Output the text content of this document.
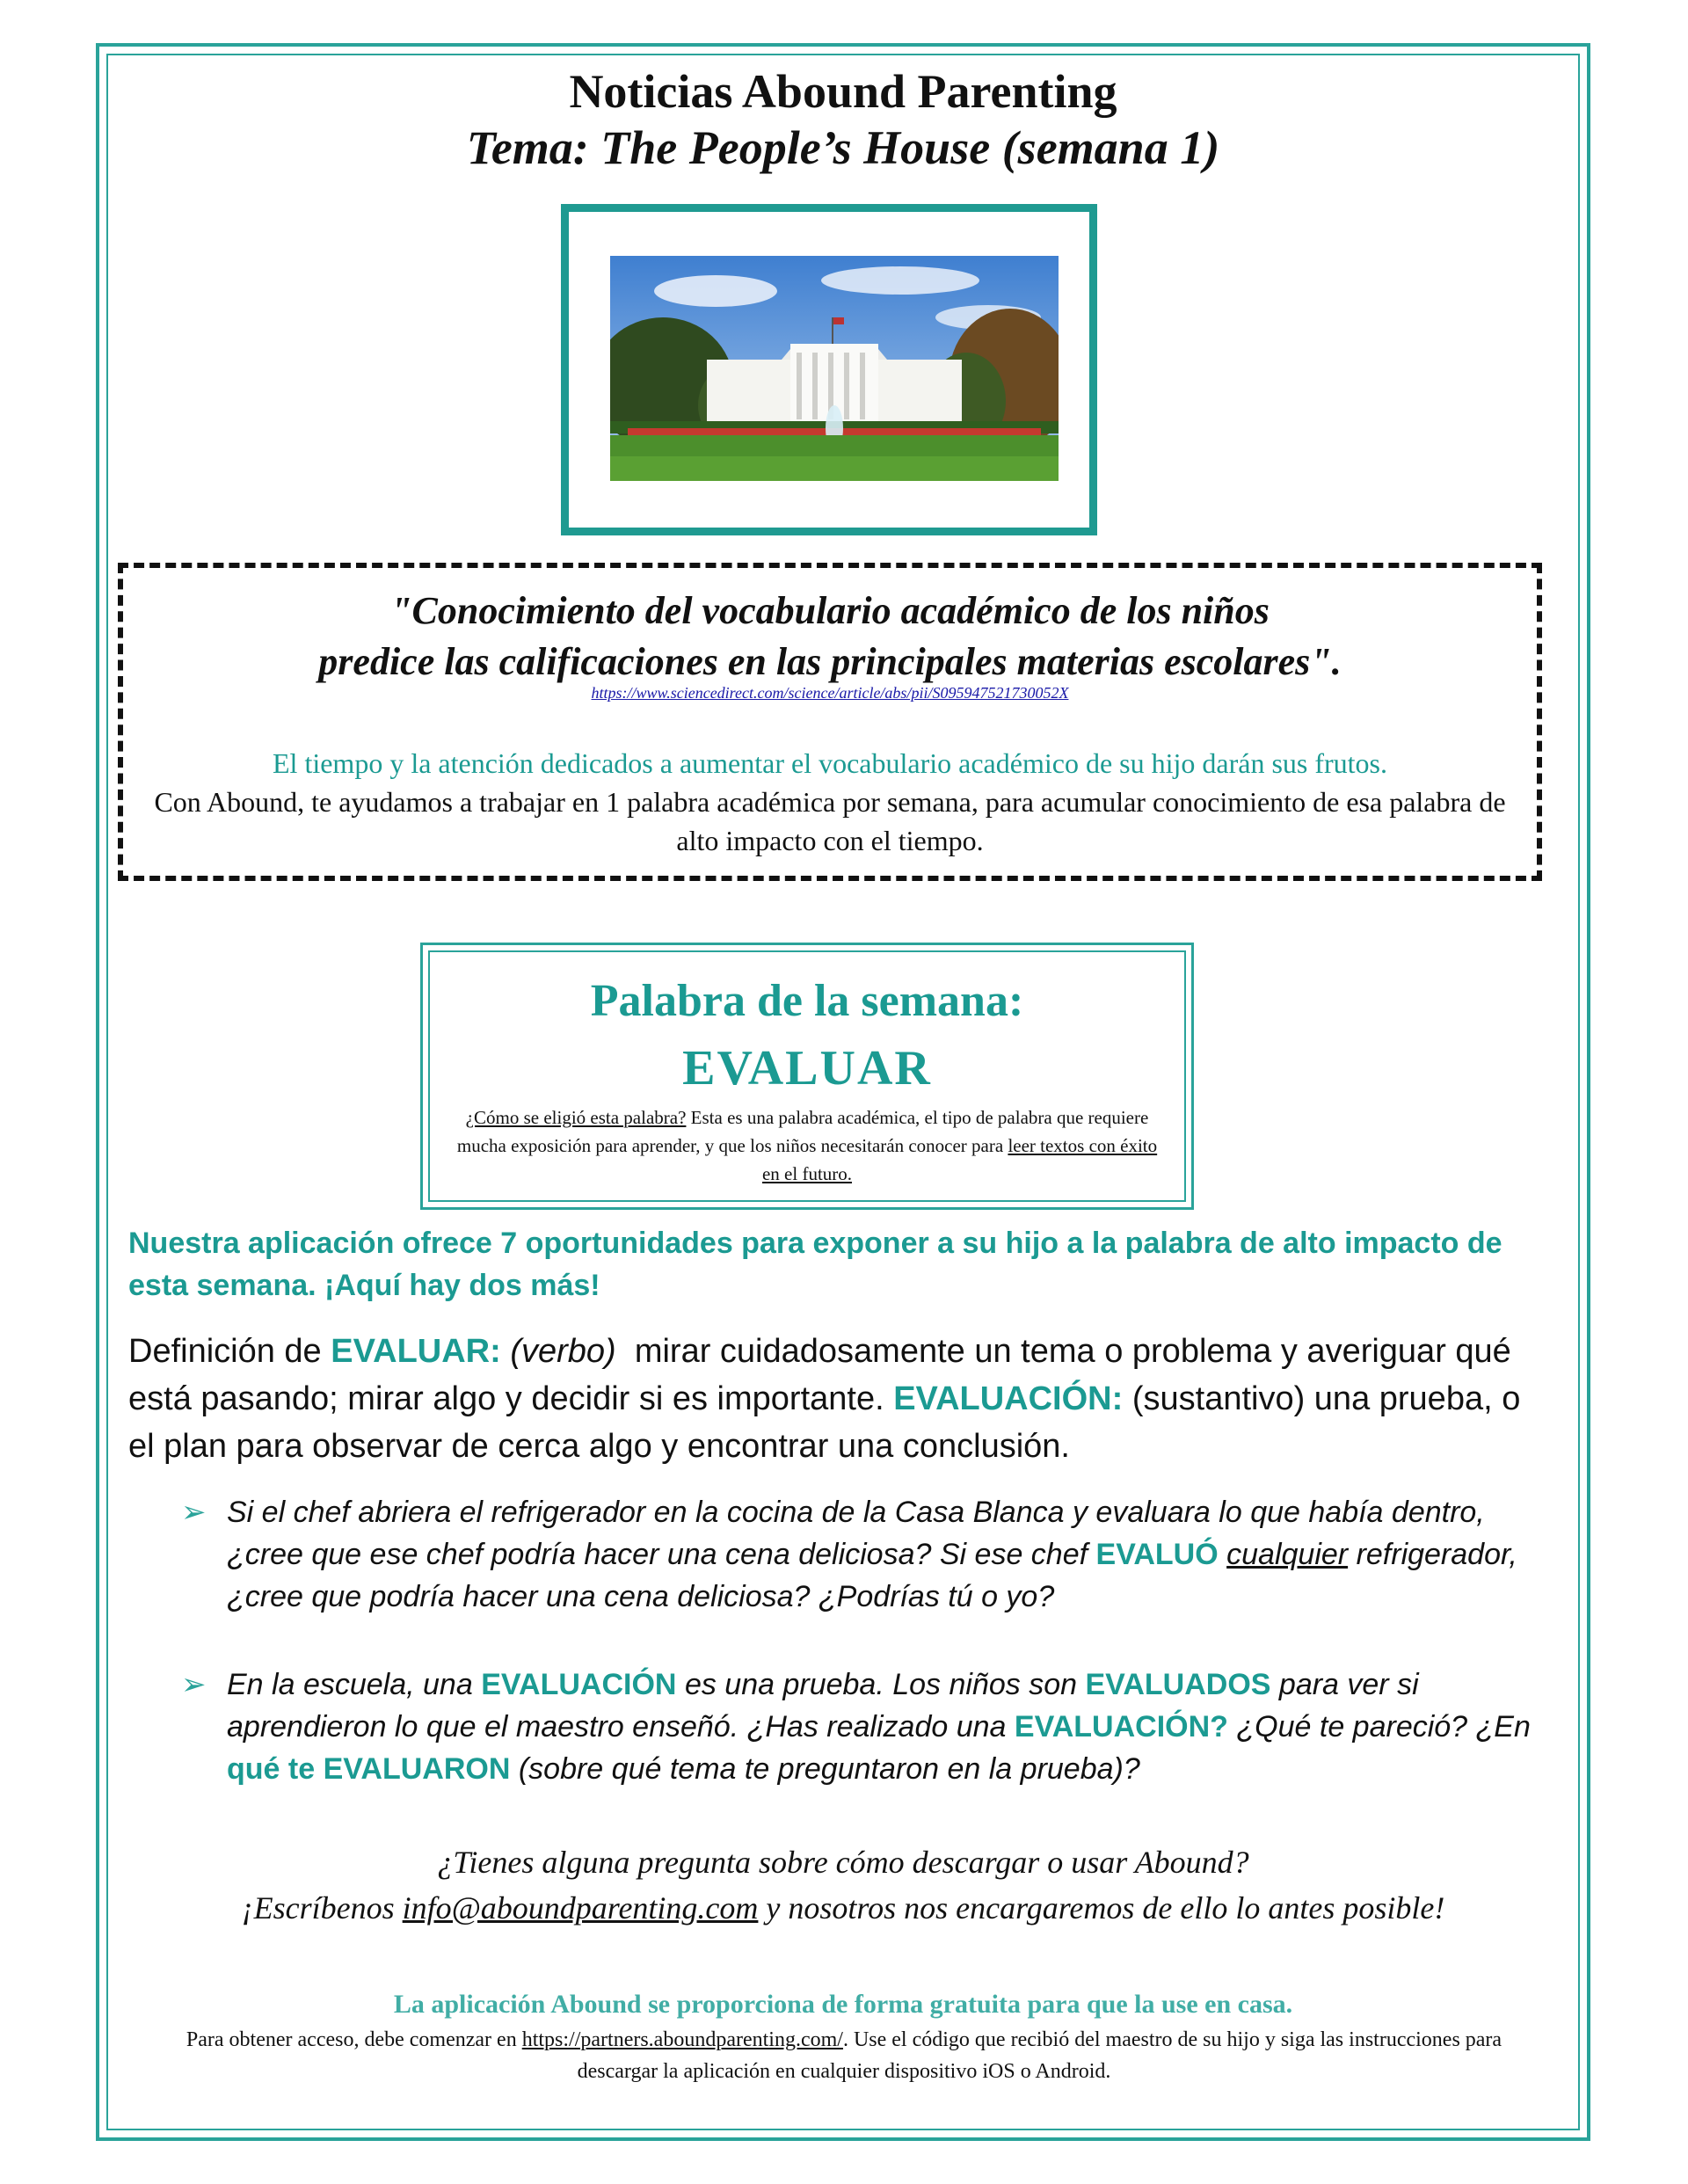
Noticias Abound Parenting
Tema: The People’s House (semana 1)
"Conocimiento del vocabulario académico de los niños
predice las calificaciones en las principales materias escolares".
https://www.sciencedirect.com/science/article/abs/pii/S095947521730052X
El tiempo y la atención dedicados a aumentar el vocabulario académico de su hijo darán sus frutos.
Con Abound, te ayudamos a trabajar en 1 palabra académica por semana, para acumular conocimiento de esa palabra de alto impacto con el tiempo.
Palabra de la semana:
EVALUAR
¿Cómo se eligió esta palabra? Esta es una palabra académica, el tipo de palabra que requiere mucha exposición para aprender, y que los niños necesitarán conocer para leer textos con éxito en el futuro.
Nuestra aplicación ofrece 7 oportunidades para exponer a su hijo a la palabra de alto impacto de esta semana. ¡Aquí hay dos más!
Definición de EVALUAR: (verbo) mirar cuidadosamente un tema o problema y averiguar qué está pasando; mirar algo y decidir si es importante. EVALUACIÓN: (sustantivo) una prueba, o el plan para observar de cerca algo y encontrar una conclusión.
➢ Si el chef abriera el refrigerador en la cocina de la Casa Blanca y evaluara lo que había dentro, ¿cree que ese chef podría hacer una cena deliciosa? Si ese chef EVALUÓ cualquier refrigerador, ¿cree que podría hacer una cena deliciosa? ¿Podrías tú o yo?
➢ En la escuela, una EVALUACIÓN es una prueba. Los niños son EVALUADOS para ver si aprendieron lo que el maestro enseñó. ¿Has realizado una EVALUACIÓN? ¿Qué te pareció? ¿En qué te EVALUARON (sobre qué tema te preguntaron en la prueba)?
¿Tienes alguna pregunta sobre cómo descargar o usar Abound?
¡Escríbenos info@aboundparenting.com y nosotros nos encargaremos de ello lo antes posible!
La aplicación Abound se proporciona de forma gratuita para que la use en casa.
Para obtener acceso, debe comenzar en https://partners.aboundparenting.com/. Use el código que recibió del maestro de su hijo y siga las instrucciones para descargar la aplicación en cualquier dispositivo iOS o Android.
